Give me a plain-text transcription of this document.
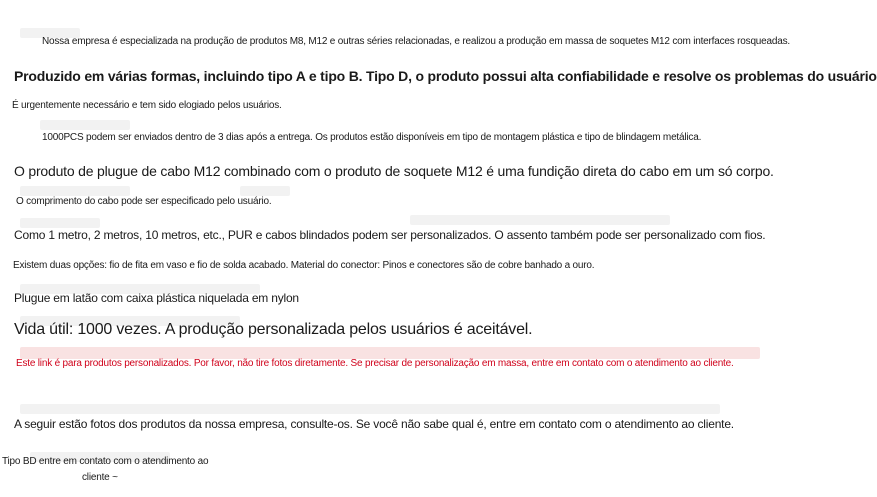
Nossa empresa é especializada na produção de produtos M8, M12 e outras séries relacionadas, e realizou a produção em massa de soquetes M12 com interfaces rosqueadas.
Produzido em várias formas, incluindo tipo A e tipo B. Tipo D, o produto possui alta confiabilidade e resolve os problemas do usuário
É urgentemente necessário e tem sido elogiado pelos usuários.
1000PCS podem ser enviados dentro de 3 dias após a entrega. Os produtos estão disponíveis em tipo de montagem plástica e tipo de blindagem metálica.
O produto de plugue de cabo M12 combinado com o produto de soquete M12 é uma fundição direta do cabo em um só corpo.
O comprimento do cabo pode ser especificado pelo usuário.
Como 1 metro, 2 metros, 10 metros, etc., PUR e cabos blindados podem ser personalizados. O assento também pode ser personalizado com fios.
Existem duas opções: fio de fita em vaso e fio de solda acabado. Material do conector: Pinos e conectores são de cobre banhado a ouro.
Plugue em latão com caixa plástica niquelada em nylon
Vida útil: 1000 vezes. A produção personalizada pelos usuários é aceitável.
Este link é para produtos personalizados. Por favor, não tire fotos diretamente. Se precisar de personalização em massa, entre em contato com o atendimento ao cliente.
A seguir estão fotos dos produtos da nossa empresa, consulte-os. Se você não sabe qual é, entre em contato com o atendimento ao cliente.
Tipo BD entre em contato com o atendimento ao
cliente ~
